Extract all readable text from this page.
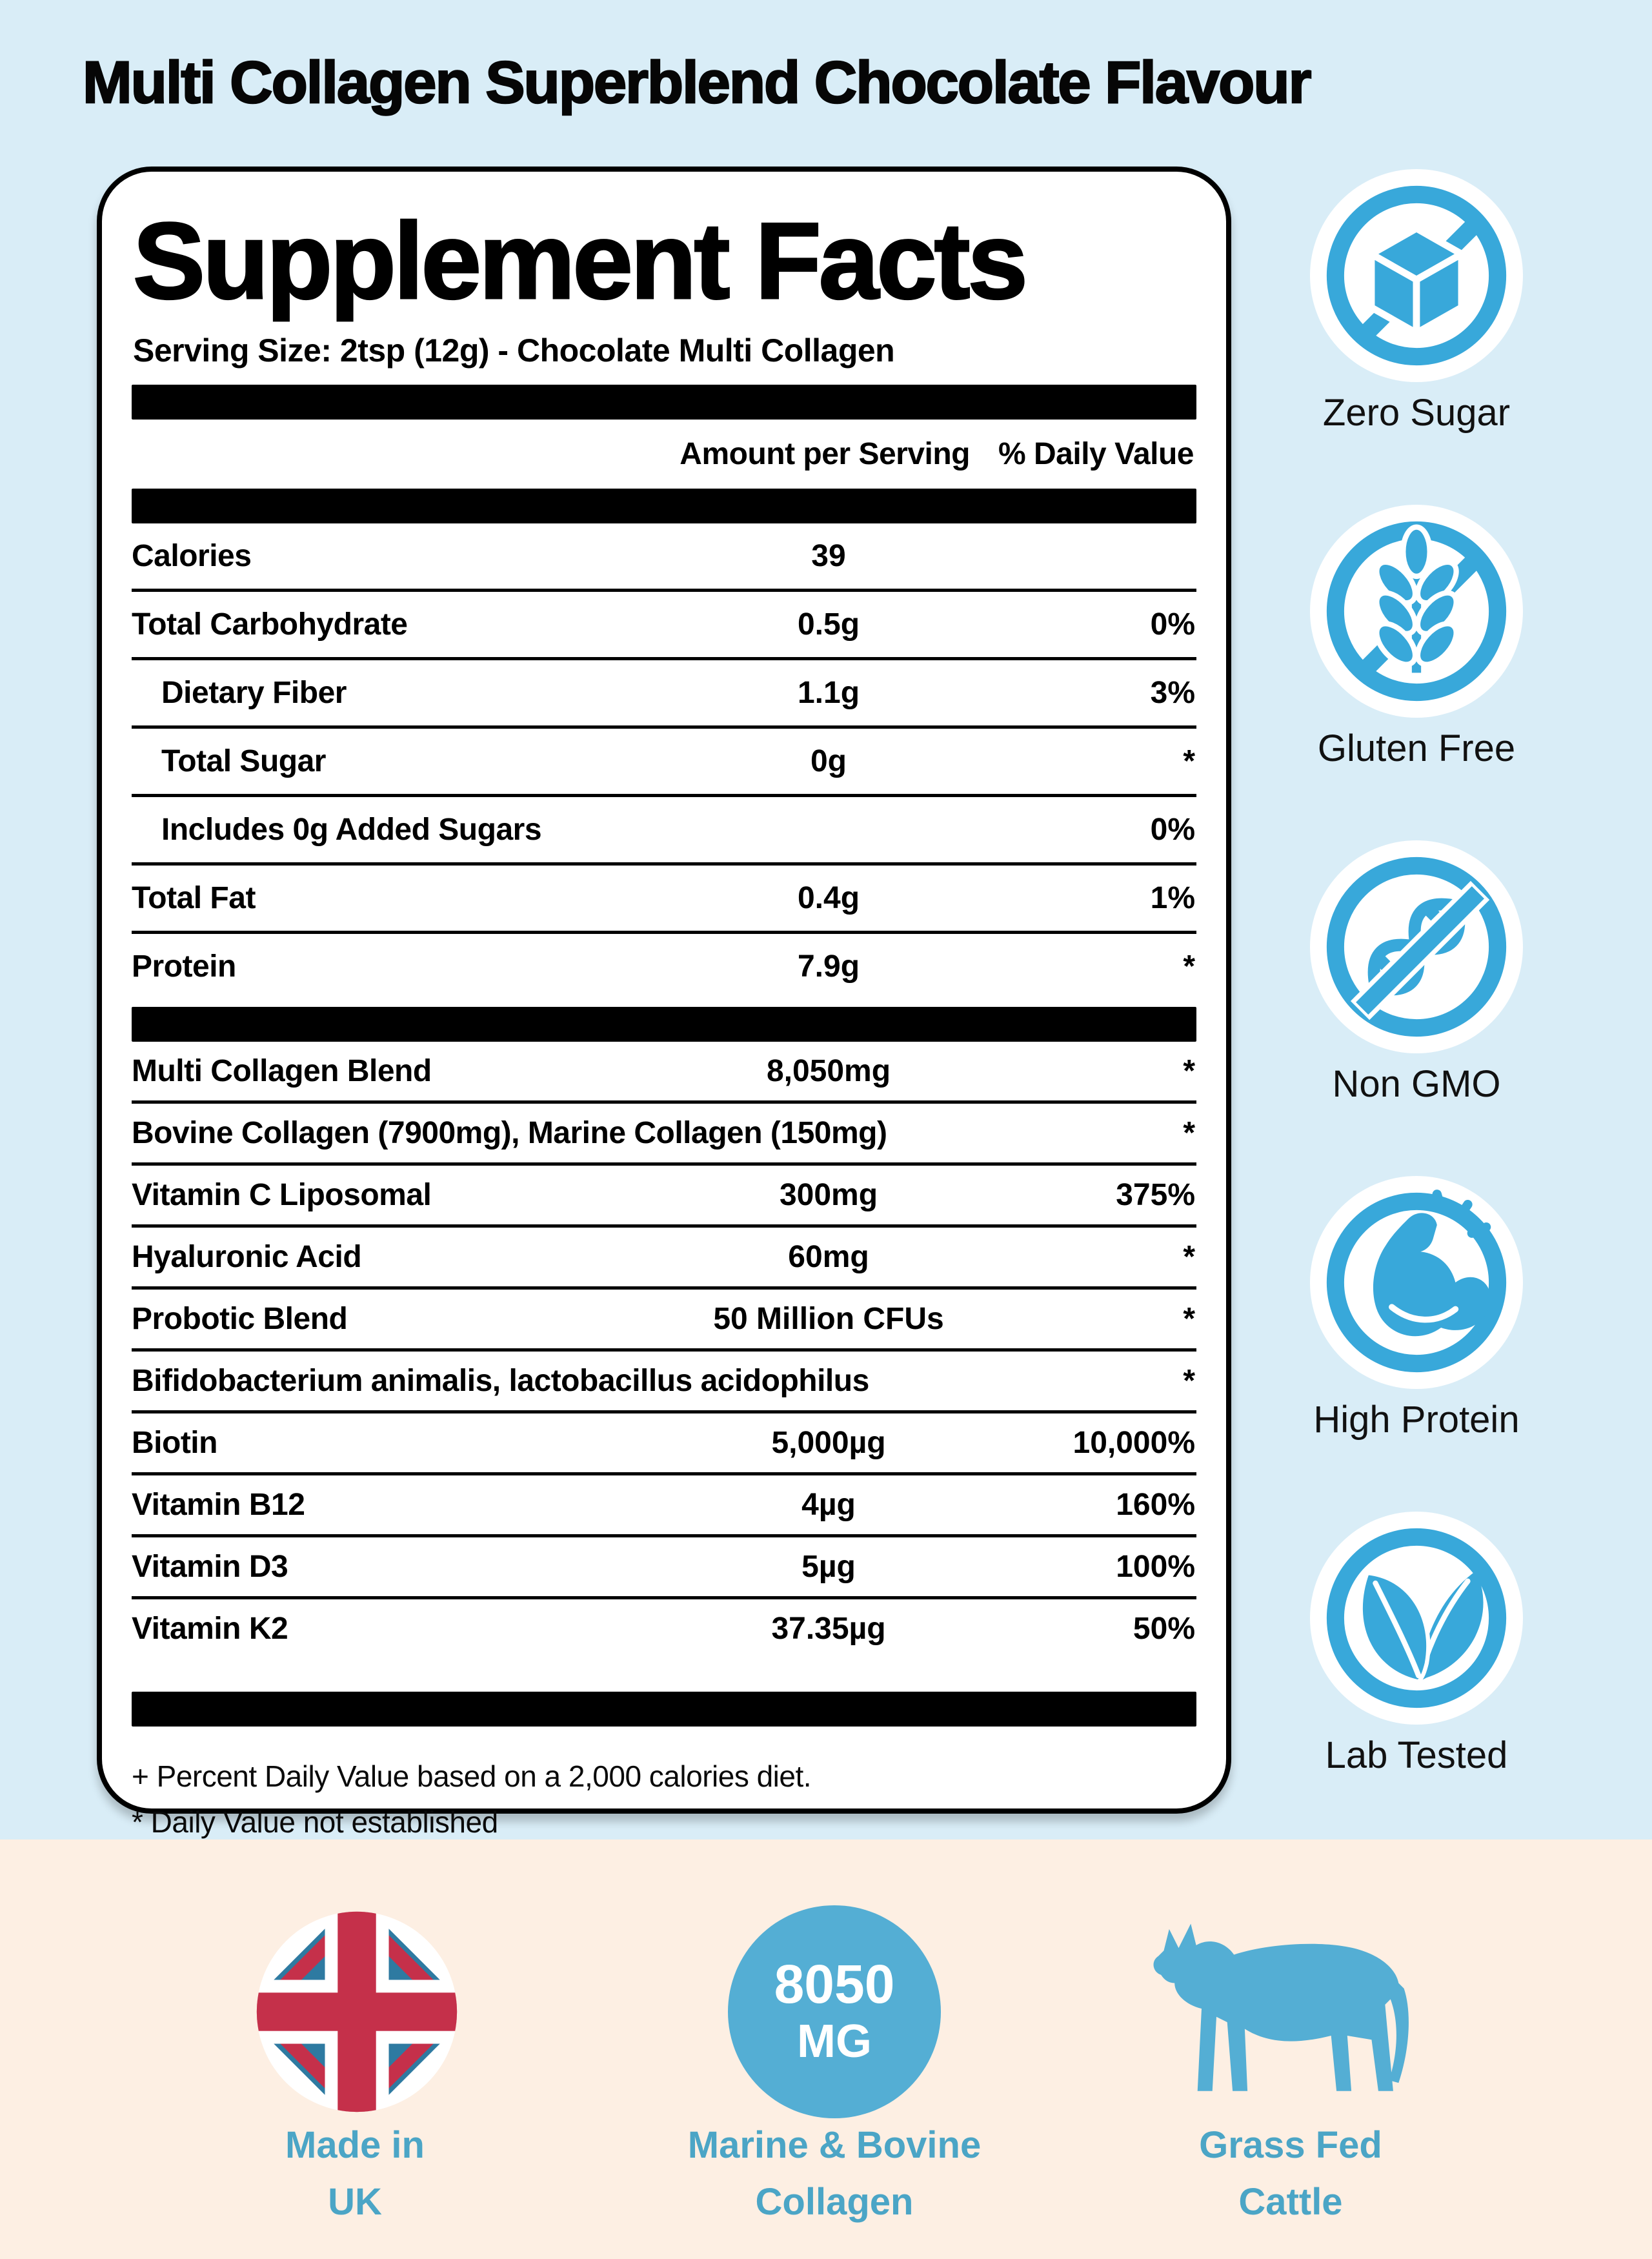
Multi Collagen Superblend Chocolate Flavour
Supplement Facts
Serving Size: 2tsp (12g) - Chocolate Multi Collagen
Amount per Serving % Daily Value
Calories	39
Total Carbohydrate	0.5g	0%
Dietary Fiber	1.1g	3%
Total Sugar	0g	*
Includes 0g Added Sugars	0%
Total Fat	0.4g	1%
Protein	7.9g	*
Multi Collagen Blend	8,050mg	*
Bovine Collagen (7900mg), Marine Collagen (150mg)	*
Vitamin C Liposomal	300mg	375%
Hyaluronic Acid	60mg	*
Probotic Blend	50 Million CFUs	*
Bifidobacterium animalis, lactobacillus acidophilus	*
Biotin	5,000µg	10,000%
Vitamin B12	4µg	160%
Vitamin D3	5µg	100%
Vitamin K2	37.35µg	50%
+ Percent Daily Value based on a 2,000 calories diet.
* Daily Value not established
Zero Sugar
Gluten Free
Non GMO
High Protein
Lab Tested
Made in
UK
8050
MG
Marine & Bovine
Collagen
Grass Fed
Cattle
